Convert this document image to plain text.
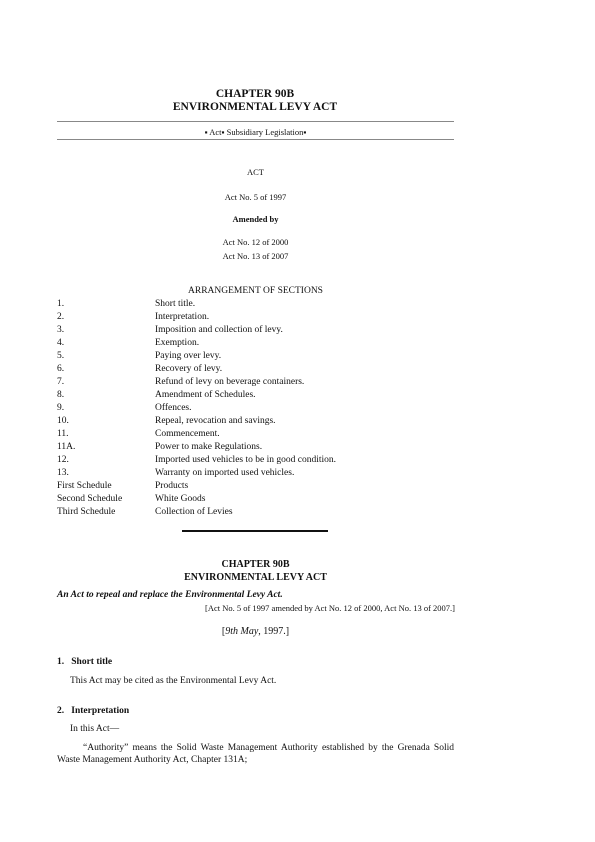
CHAPTER 90B
ENVIRONMENTAL LEVY ACT
▪ Act▪ Subsidiary Legislation▪
ACT
Act No. 5 of 1997
Amended by
Act No. 12 of 2000
Act No. 13 of 2007
ARRANGEMENT OF SECTIONS
1.	Short title.
2.	Interpretation.
3.	Imposition and collection of levy.
4.	Exemption.
5.	Paying over levy.
6.	Recovery of levy.
7.	Refund of levy on beverage containers.
8.	Amendment of Schedules.
9.	Offences.
10.	Repeal, revocation and savings.
11.	Commencement.
11A.	Power to make Regulations.
12.	Imported used vehicles to be in good condition.
13.	Warranty on imported used vehicles.
First Schedule	Products
Second Schedule	White Goods
Third Schedule	Collection of Levies
CHAPTER 90B
ENVIRONMENTAL LEVY ACT
An Act to repeal and replace the Environmental Levy Act.
[Act No. 5 of 1997 amended by Act No. 12 of 2000, Act No. 13 of 2007.]
[9th May, 1997.]
1. Short title
This Act may be cited as the Environmental Levy Act.
2. Interpretation
In this Act—
“Authority” means the Solid Waste Management Authority established by the Grenada Solid Waste Management Authority Act, Chapter 131A;
